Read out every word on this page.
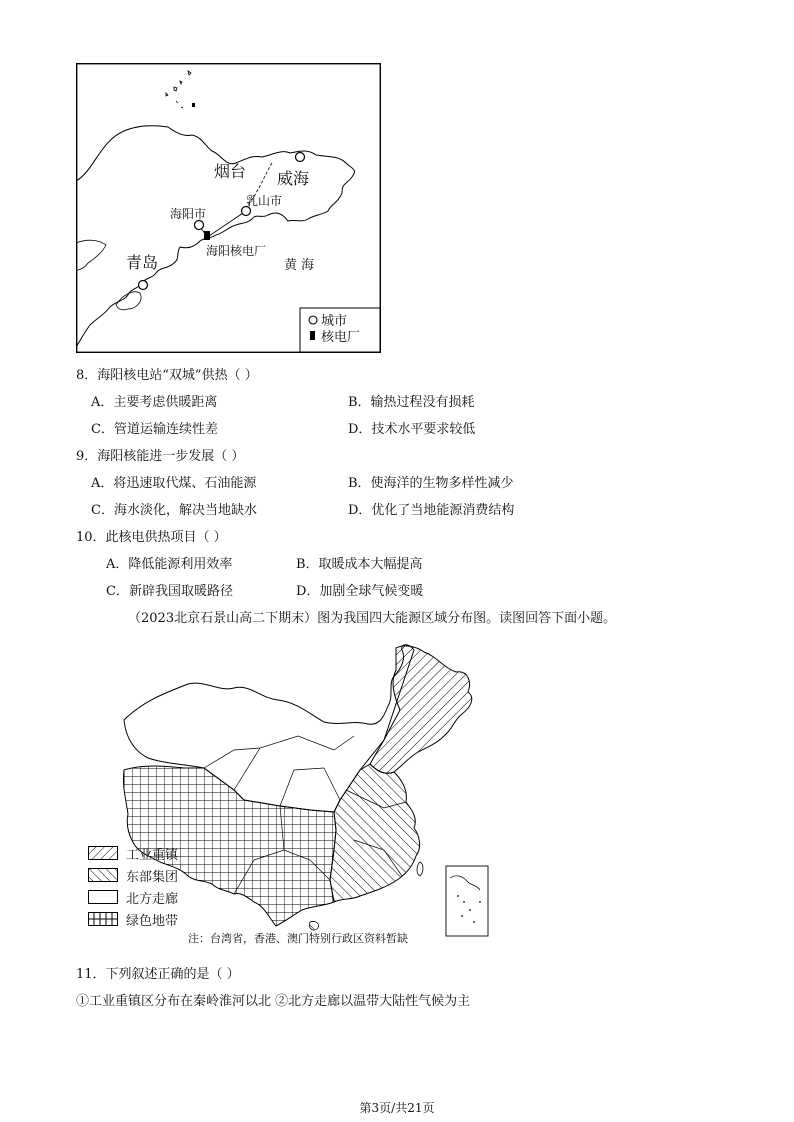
烟台 威海
乳山市
海阳市
海阳核电厂
青岛	黄 海
城市
核电厂
8．海阳核电站“双城”供热（ ）
A．主要考虑供暖距离	B．输热过程没有损耗
C．管道运输连续性差	D．技术水平要求较低
9．海阳核能进一步发展（ ）
A．将迅速取代煤、石油能源	B．使海洋的生物多样性减少
C．海水淡化，解决当地缺水	D．优化了当地能源消费结构
10．此核电供热项目（ ）
A．降低能源利用效率	B．取暖成本大幅提高
C．新辟我国取暖路径	D．加剧全球气候变暖
（2023北京石景山高二下期末）图为我国四大能源区域分布图。读图回答下面小题。
注：台湾省，香港、澳门特别行政区资料暂缺
工业重镇
东部集团
北方走廊
绿色地带
11．下列叙述正确的是（ ）
①工业重镇区分布在秦岭淮河以北 ②北方走廊以温带大陆性气候为主
第3页/共21页
